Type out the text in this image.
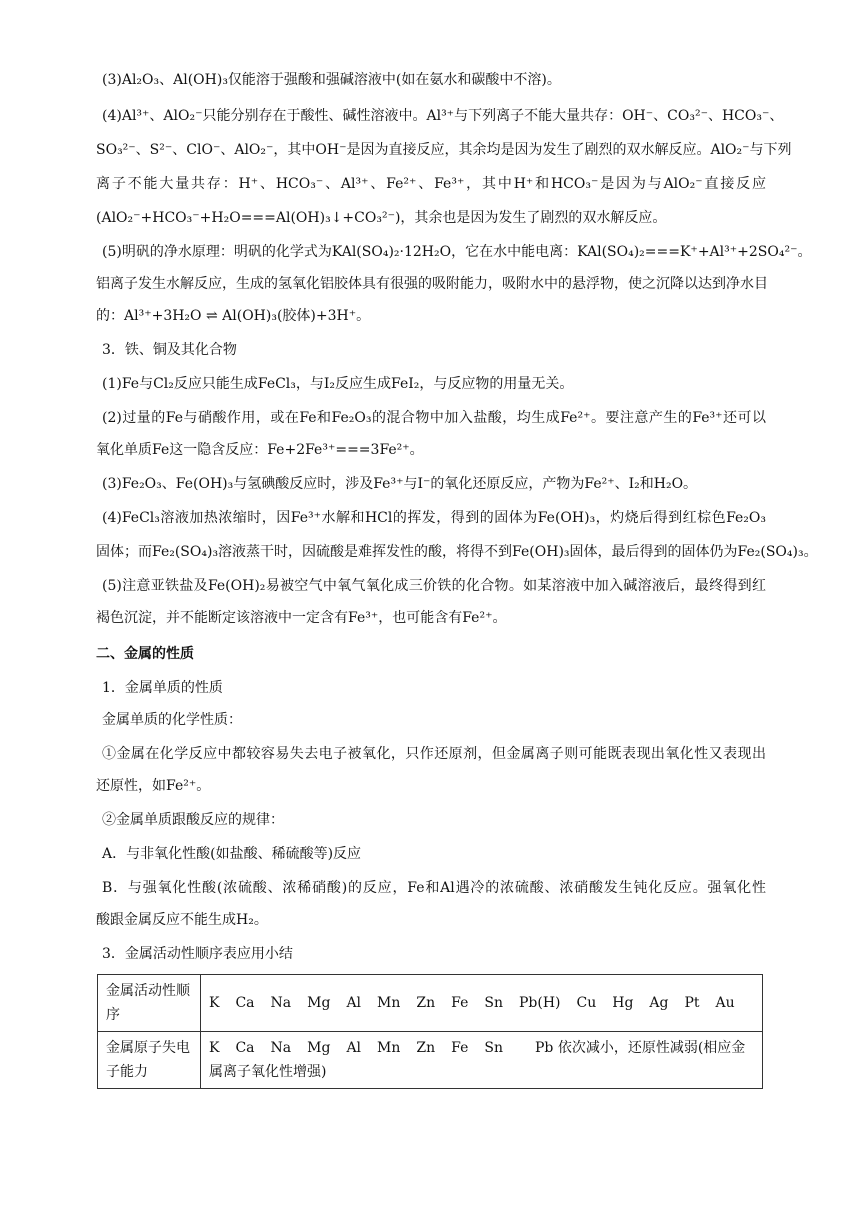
(3)Al₂O₃、Al(OH)₃仅能溶于强酸和强碱溶液中(如在氨水和碳酸中不溶)。
(4)Al³⁺、AlO₂⁻只能分别存在于酸性、碱性溶液中。Al³⁺与下列离子不能大量共存：OH⁻、CO₃²⁻、HCO₃⁻、
SO₃²⁻、S²⁻、ClO⁻、AlO₂⁻，其中OH⁻是因为直接反应，其余均是因为发生了剧烈的双水解反应。AlO₂⁻与下列
离子不能大量共存：H⁺、HCO₃⁻、Al³⁺、Fe²⁺、Fe³⁺，其中H⁺和HCO₃⁻是因为与AlO₂⁻直接反应
(AlO₂⁻+HCO₃⁻+H₂O===Al(OH)₃↓+CO₃²⁻)，其余也是因为发生了剧烈的双水解反应。
(5)明矾的净水原理：明矾的化学式为KAl(SO₄)₂·12H₂O，它在水中能电离：KAl(SO₄)₂===K⁺+Al³⁺+2SO₄²⁻。
铝离子发生水解反应，生成的氢氧化铝胶体具有很强的吸附能力，吸附水中的悬浮物，使之沉降以达到净水目
的：Al³⁺+3H₂O ⇌ Al(OH)₃(胶体)+3H⁺。
3．铁、铜及其化合物
(1)Fe与Cl₂反应只能生成FeCl₃，与I₂反应生成FeI₂，与反应物的用量无关。
(2)过量的Fe与硝酸作用，或在Fe和Fe₂O₃的混合物中加入盐酸，均生成Fe²⁺。要注意产生的Fe³⁺还可以
氧化单质Fe这一隐含反应：Fe+2Fe³⁺===3Fe²⁺。
(3)Fe₂O₃、Fe(OH)₃与氢碘酸反应时，涉及Fe³⁺与I⁻的氧化还原反应，产物为Fe²⁺、I₂和H₂O。
(4)FeCl₃溶液加热浓缩时，因Fe³⁺水解和HCl的挥发，得到的固体为Fe(OH)₃，灼烧后得到红棕色Fe₂O₃
固体；而Fe₂(SO₄)₃溶液蒸干时，因硫酸是难挥发性的酸，将得不到Fe(OH)₃固体，最后得到的固体仍为Fe₂(SO₄)₃。
(5)注意亚铁盐及Fe(OH)₂易被空气中氧气氧化成三价铁的化合物。如某溶液中加入碱溶液后，最终得到红
褐色沉淀，并不能断定该溶液中一定含有Fe³⁺，也可能含有Fe²⁺。
二、金属的性质
1．金属单质的性质
金属单质的化学性质：
①金属在化学反应中都较容易失去电子被氧化，只作还原剂，但金属离子则可能既表现出氧化性又表现出
还原性，如Fe²⁺。
②金属单质跟酸反应的规律：
A．与非氧化性酸(如盐酸、稀硫酸等)反应
B．与强氧化性酸(浓硫酸、浓稀硝酸)的反应，Fe和Al遇冷的浓硫酸、浓硝酸发生钝化反应。强氧化性
酸跟金属反应不能生成H₂。
3．金属活动性顺序表应用小结
金属活动性顺序	K Ca Na Mg Al Mn Zn Fe Sn Pb(H) Cu Hg Ag Pt Au
金属原子失电子能力	K Ca Na Mg Al Mn Zn Fe Sn Pb 依次减小，还原性减弱(相应金属离子氧化性增强)
